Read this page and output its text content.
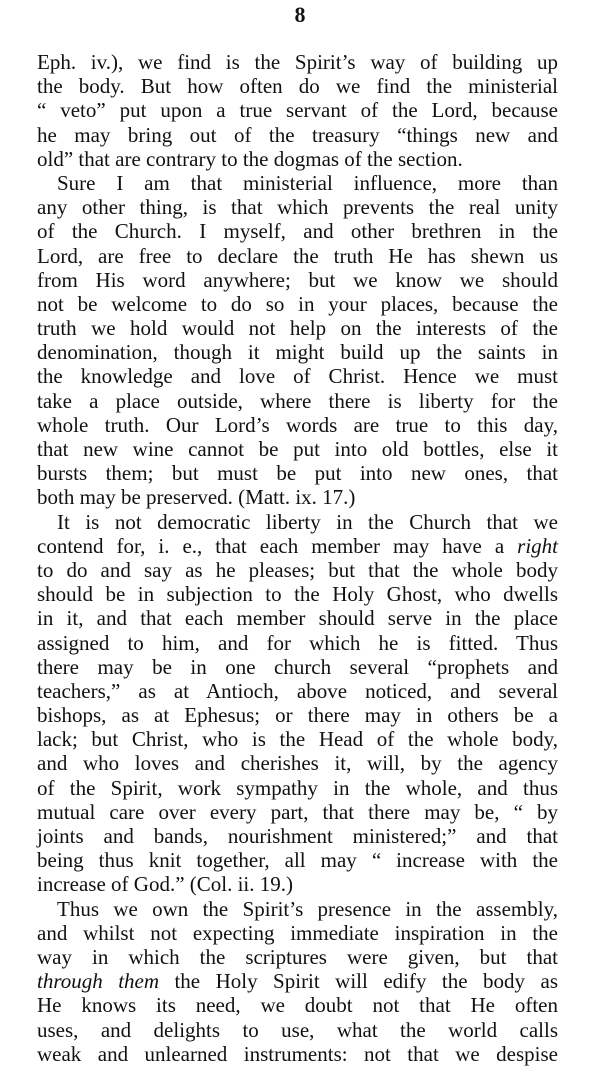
8
Eph. iv.), we find is the Spirit’s way of building up
the body. But how often do we find the ministerial
“ veto” put upon a true servant of the Lord, because
he may bring out of the treasury “things new and
old” that are contrary to the dogmas of the section.
Sure I am that ministerial influence, more than
any other thing, is that which prevents the real unity
of the Church. I myself, and other brethren in the
Lord, are free to declare the truth He has shewn us
from His word anywhere; but we know we should
not be welcome to do so in your places, because the
truth we hold would not help on the interests of the
denomination, though it might build up the saints in
the knowledge and love of Christ. Hence we must
take a place outside, where there is liberty for the
whole truth. Our Lord’s words are true to this day,
that new wine cannot be put into old bottles, else it
bursts them; but must be put into new ones, that
both may be preserved. (Matt. ix. 17.)
It is not democratic liberty in the Church that we
contend for, i. e., that each member may have a right
to do and say as he pleases; but that the whole body
should be in subjection to the Holy Ghost, who dwells
in it, and that each member should serve in the place
assigned to him, and for which he is fitted. Thus
there may be in one church several “prophets and
teachers,” as at Antioch, above noticed, and several
bishops, as at Ephesus; or there may in others be a
lack; but Christ, who is the Head of the whole body,
and who loves and cherishes it, will, by the agency
of the Spirit, work sympathy in the whole, and thus
mutual care over every part, that there may be, “ by
joints and bands, nourishment ministered;” and that
being thus knit together, all may “ increase with the
increase of God.” (Col. ii. 19.)
Thus we own the Spirit’s presence in the assembly,
and whilst not expecting immediate inspiration in the
way in which the scriptures were given, but that
through them the Holy Spirit will edify the body as
He knows its need, we doubt not that He often
uses, and delights to use, what the world calls
weak and unlearned instruments: not that we despise
